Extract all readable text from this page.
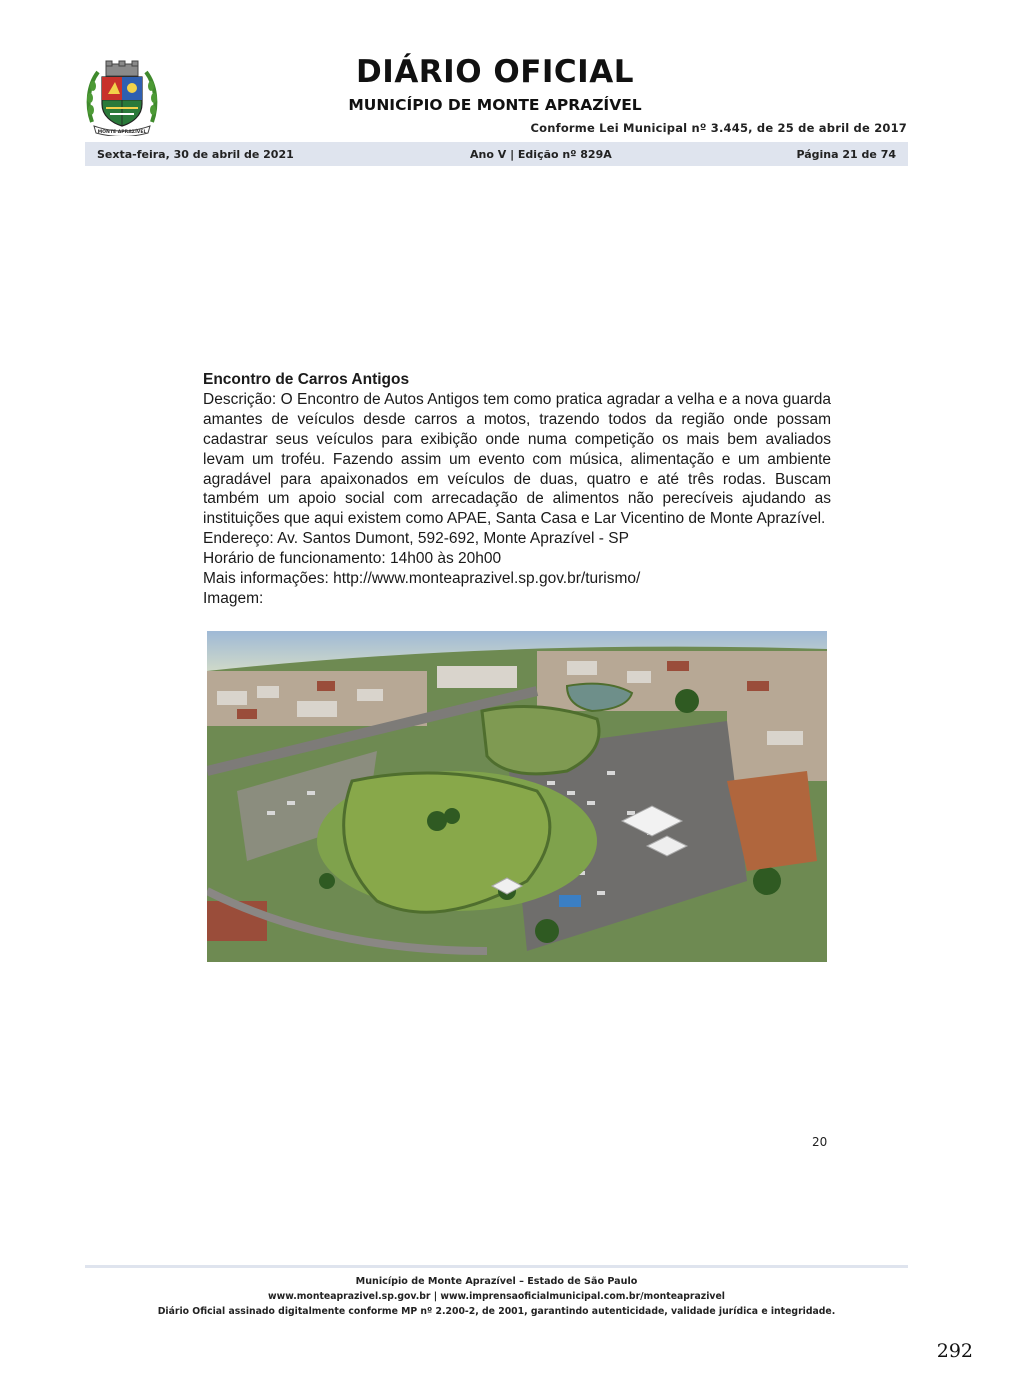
MONTE APRAZÍVEL
DIÁRIO OFICIAL
MUNICÍPIO DE MONTE APRAZÍVEL
Conforme Lei Municipal nº 3.445, de 25 de abril de 2017
Sexta-feira, 30 de abril de 2021	Ano V | Edição nº 829A	Página 21 de 74
Encontro de Carros Antigos

Descrição: O Encontro de Autos Antigos tem como pratica agradar a velha e a nova guarda amantes de veículos desde carros a motos, trazendo todos da região onde possam cadastrar seus veículos para exibição onde numa competição os mais bem avaliados levam um troféu. Fazendo assim um evento com música, alimentação e um ambiente agradável para apaixonados em veículos de duas, quatro e até três rodas. Buscam também um apoio social com arrecadação de alimentos não perecíveis ajudando as instituições que aqui existem como APAE, Santa Casa e Lar Vicentino de Monte Aprazível.

Endereço: Av. Santos Dumont, 592-692, Monte Aprazível - SP

Horário de funcionamento: 14h00 às 20h00

Mais informações: http://www.monteaprazivel.sp.gov.br/turismo/

Imagem:

20
Município de Monte Aprazível – Estado de São Paulo
www.monteaprazivel.sp.gov.br | www.imprensaoficialmunicipal.com.br/monteaprazivel
Diário Oficial assinado digitalmente conforme MP nº 2.200-2, de 2001, garantindo autenticidade, validade jurídica e integridade.
292
